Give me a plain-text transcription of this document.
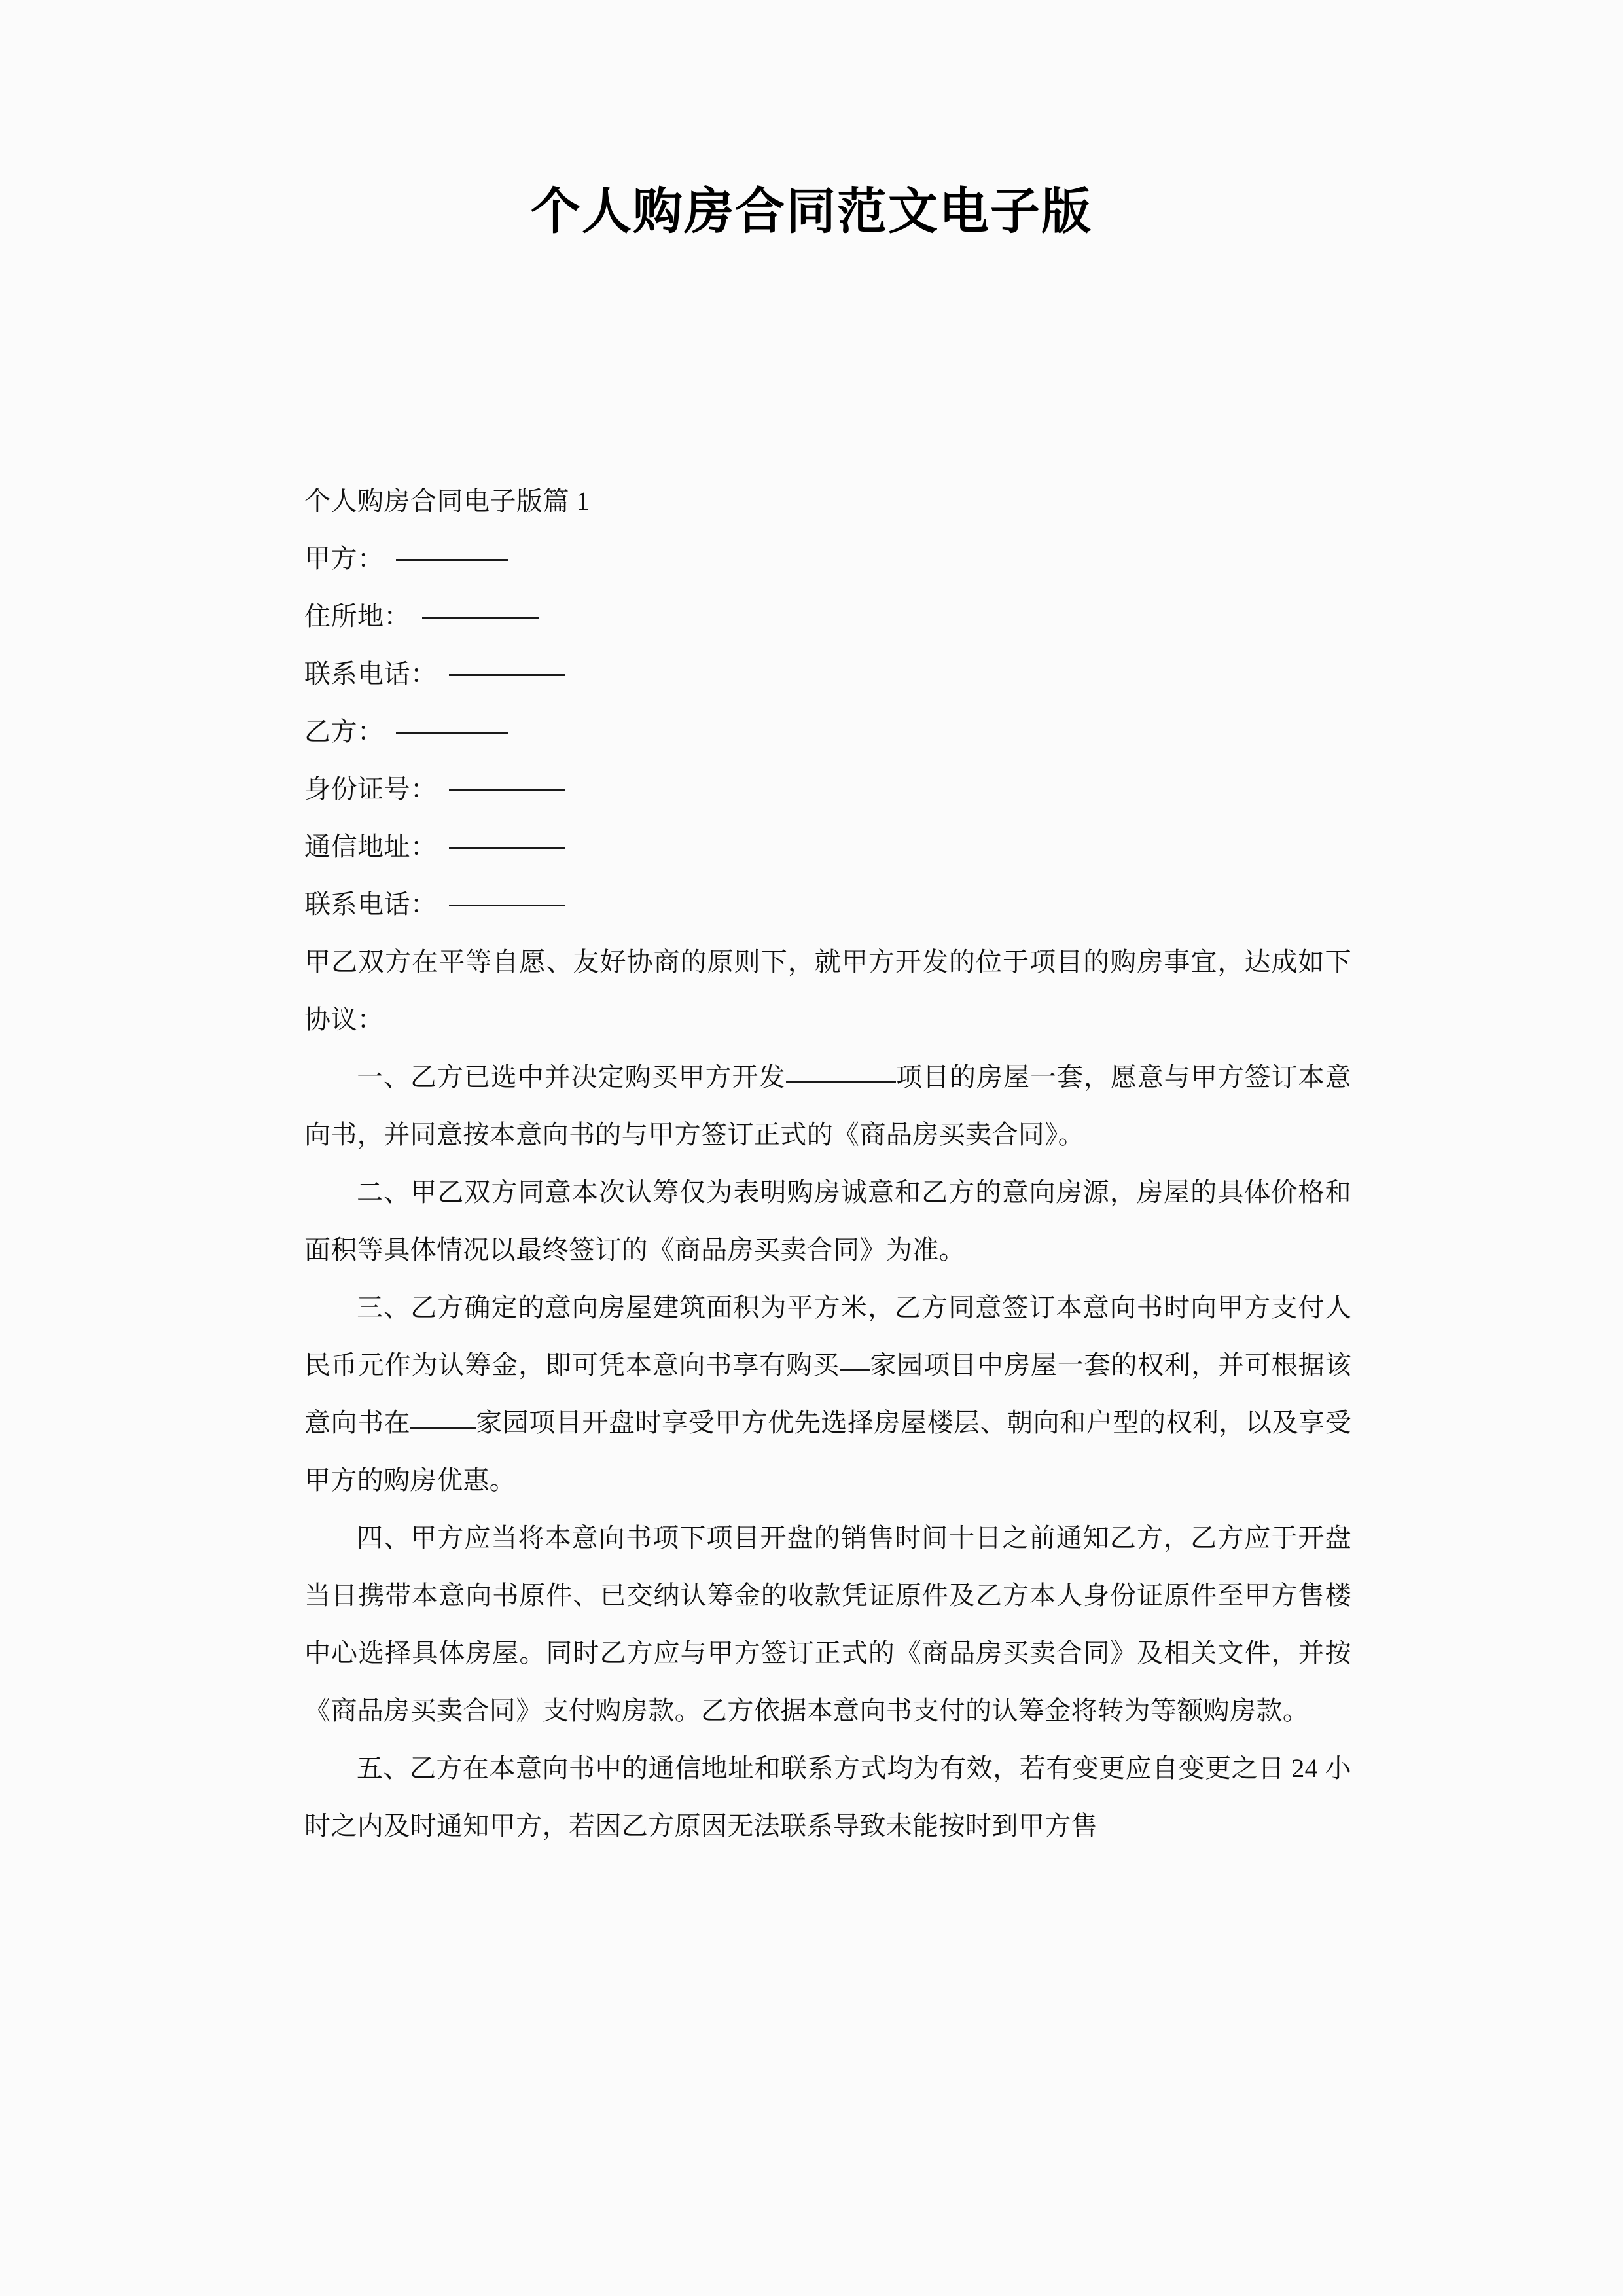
个人购房合同范文电子版
个人购房合同电子版篇 1
甲方：
住所地：
联系电话：
乙方：
身份证号：
通信地址：
联系电话：

甲乙双方在平等自愿、友好协商的原则下，就甲方开发的位于项目的购房事宜，达成如下协议：

一、乙方已选中并决定购买甲方开发	项目的房屋一套，愿意与甲方签订本意向书，并同意按本意向书的与甲方签订正式的《商品房买卖合同》。

二、甲乙双方同意本次认筹仅为表明购房诚意和乙方的意向房源，房屋的具体价格和面积等具体情况以最终签订的《商品房买卖合同》为准。

三、乙方确定的意向房屋建筑面积为平方米，乙方同意签订本意向书时向甲方支付人民币元作为认筹金，即可凭本意向书享有购买 家园项目中房屋一套的权利，并可根据该意向书在	家园项目开盘时享受甲方优先选择房屋楼层、朝向和户型的权利，以及享受甲方的购房优惠。

四、甲方应当将本意向书项下项目开盘的销售时间十日之前通知乙方，乙方应于开盘当日携带本意向书原件、已交纳认筹金的收款凭证原件及乙方本人身份证原件至甲方售楼中心选择具体房屋。同时乙方应与甲方签订正式的《商品房买卖合同》及相关文件，并按《商品房买卖合同》支付购房款。乙方依据本意向书支付的认筹金将转为等额购房款。

五、乙方在本意向书中的通信地址和联系方式均为有效，若有变更应自变更之日 24 小时之内及时通知甲方，若因乙方原因无法联系导致未能按时到甲方售
